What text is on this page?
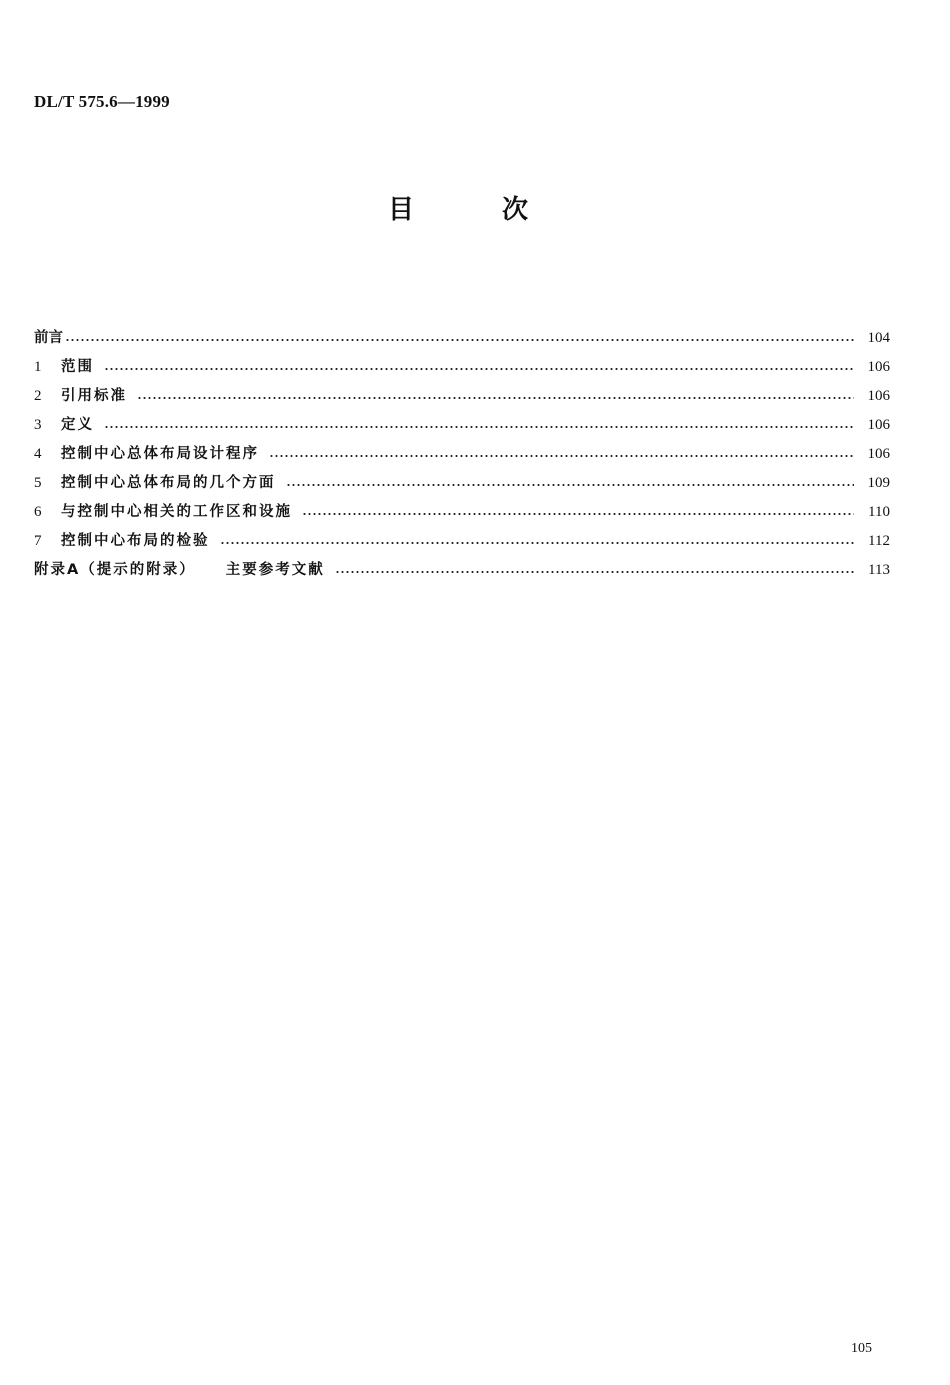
DL/T 575.6—1999
目	次
前言	104
1	范围	106
2	引用标准	106
3	定义	106
4	控制中心总体布局设计程序	106
5	控制中心总体布局的几个方面	109
6	与控制中心相关的工作区和设施	110
7	控制中心布局的检验	112
附录A（提示的附录） 主要参考文献	113
105
